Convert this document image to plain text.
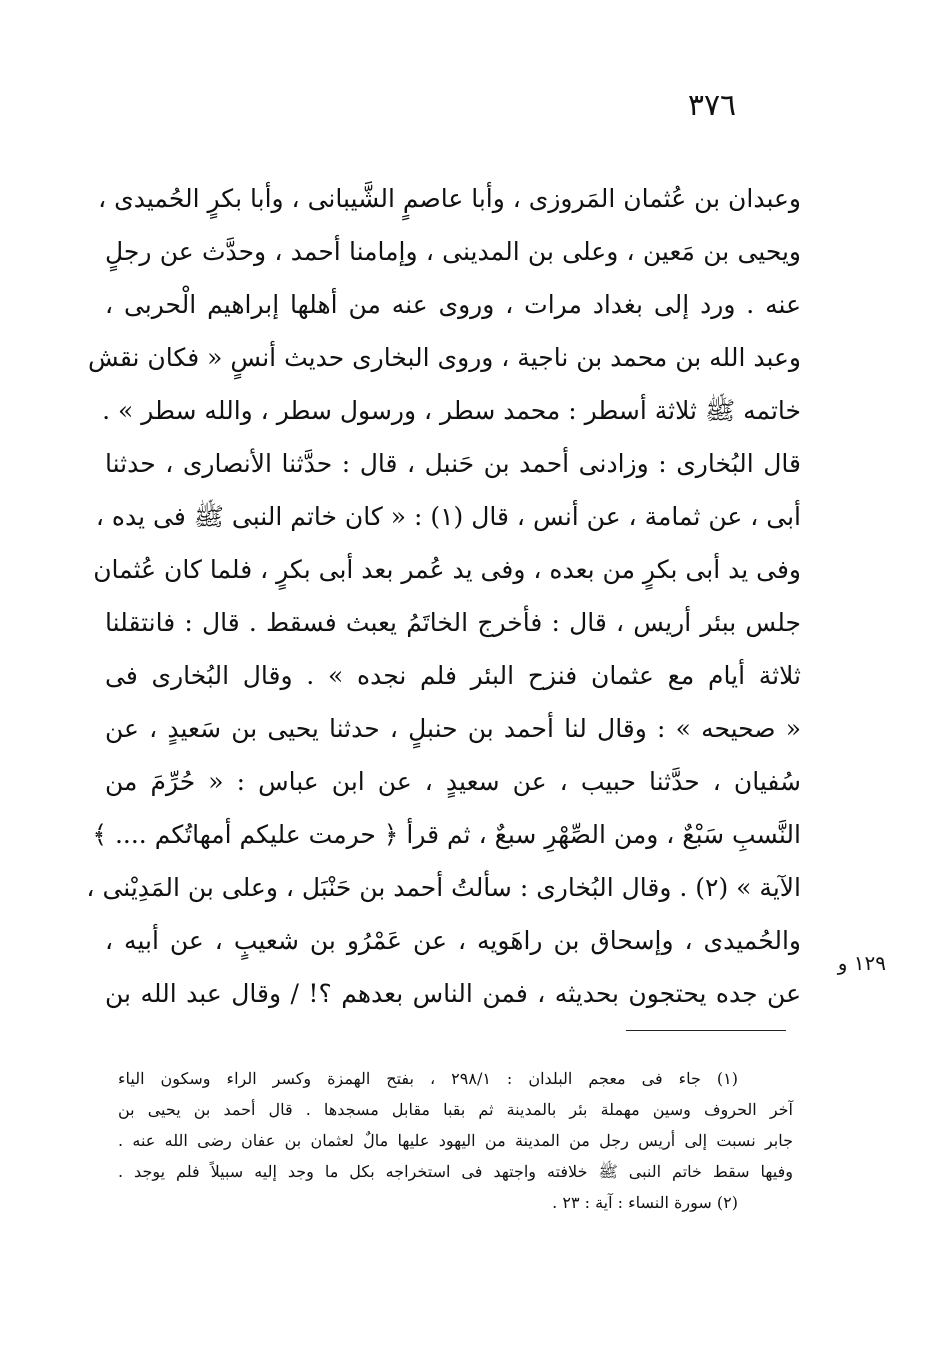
٣٧٦
وعبدان بن عُثمان المَروزى ، وأبا عاصمٍ الشَّيبانى ، وأبا بكرٍ الحُميدى ،
ويحيى بن مَعين ، وعلى بن المدينى ، وإمامنا أحمد ، وحدَّث عن رجلٍ
عنه . ورد إلى بغداد مرات ، وروى عنه من أهلها إبراهيم الْحربى ،
وعبد الله بن محمد بن ناجية ، وروى البخارى حديث أنسٍ « فكان نقش
خاتمه ﷺ ثلاثة أسطر : محمد سطر ، ورسول سطر ، والله سطر » .
قال البُخارى : وزادنى أحمد بن حَنبل ، قال : حدَّثنا الأنصارى ، حدثنا
أبى ، عن ثمامة ، عن أنس ، قال (١) : « كان خاتم النبى ﷺ فى يده ،
وفى يد أبى بكرٍ من بعده ، وفى يد عُمر بعد أبى بكرٍ ، فلما كان عُثمان
جلس ببئر أريس ، قال : فأخرج الخاتَمُ يعبث فسقط . قال : فانتقلنا
ثلاثة أيام مع عثمان فنزح البئر فلم نجده » . وقال البُخارى فى
« صحيحه » : وقال لنا أحمد بن حنبلٍ ، حدثنا يحيى بن سَعيدٍ ، عن
سُفيان ، حدَّثنا حبيب ، عن سعيدٍ ، عن ابن عباس : « حُرِّمَ من
النَّسبِ سَبْعٌ ، ومن الصِّهْرِ سبعٌ ، ثم قرأ ﴿ حرمت عليكم أمهاتُكم .... ﴾
الآية » (٢) . وقال البُخارى : سألتُ أحمد بن حَنْبَل ، وعلى بن المَدِيْنى ،
والحُميدى ، وإسحاق بن راهَويه ، عن عَمْرُو بن شعيبٍ ، عن أبيه ،
عن جده يحتجون بحديثه ، فمن الناس بعدهم ؟! / وقال عبد الله بن
١٢٩ و
(١) جاء فى معجم البلدان : ٢٩٨/١ ، بفتح الهمزة وكسر الراء وسكون الياء
آخر الحروف وسين مهملة بئر بالمدينة ثم بقبا مقابل مسجدها . قال أحمد بن يحيى بن
جابر نسبت إلى أريس رجل من المدينة من اليهود عليها مالٌ لعثمان بن عفان رضى الله عنه .
وفيها سقط خاتم النبى ﷺ خلافته واجتهد فى استخراجه بكل ما وجد إليه سبيلاً فلم يوجد .
(٢) سورة النساء : آية : ٢٣ .
